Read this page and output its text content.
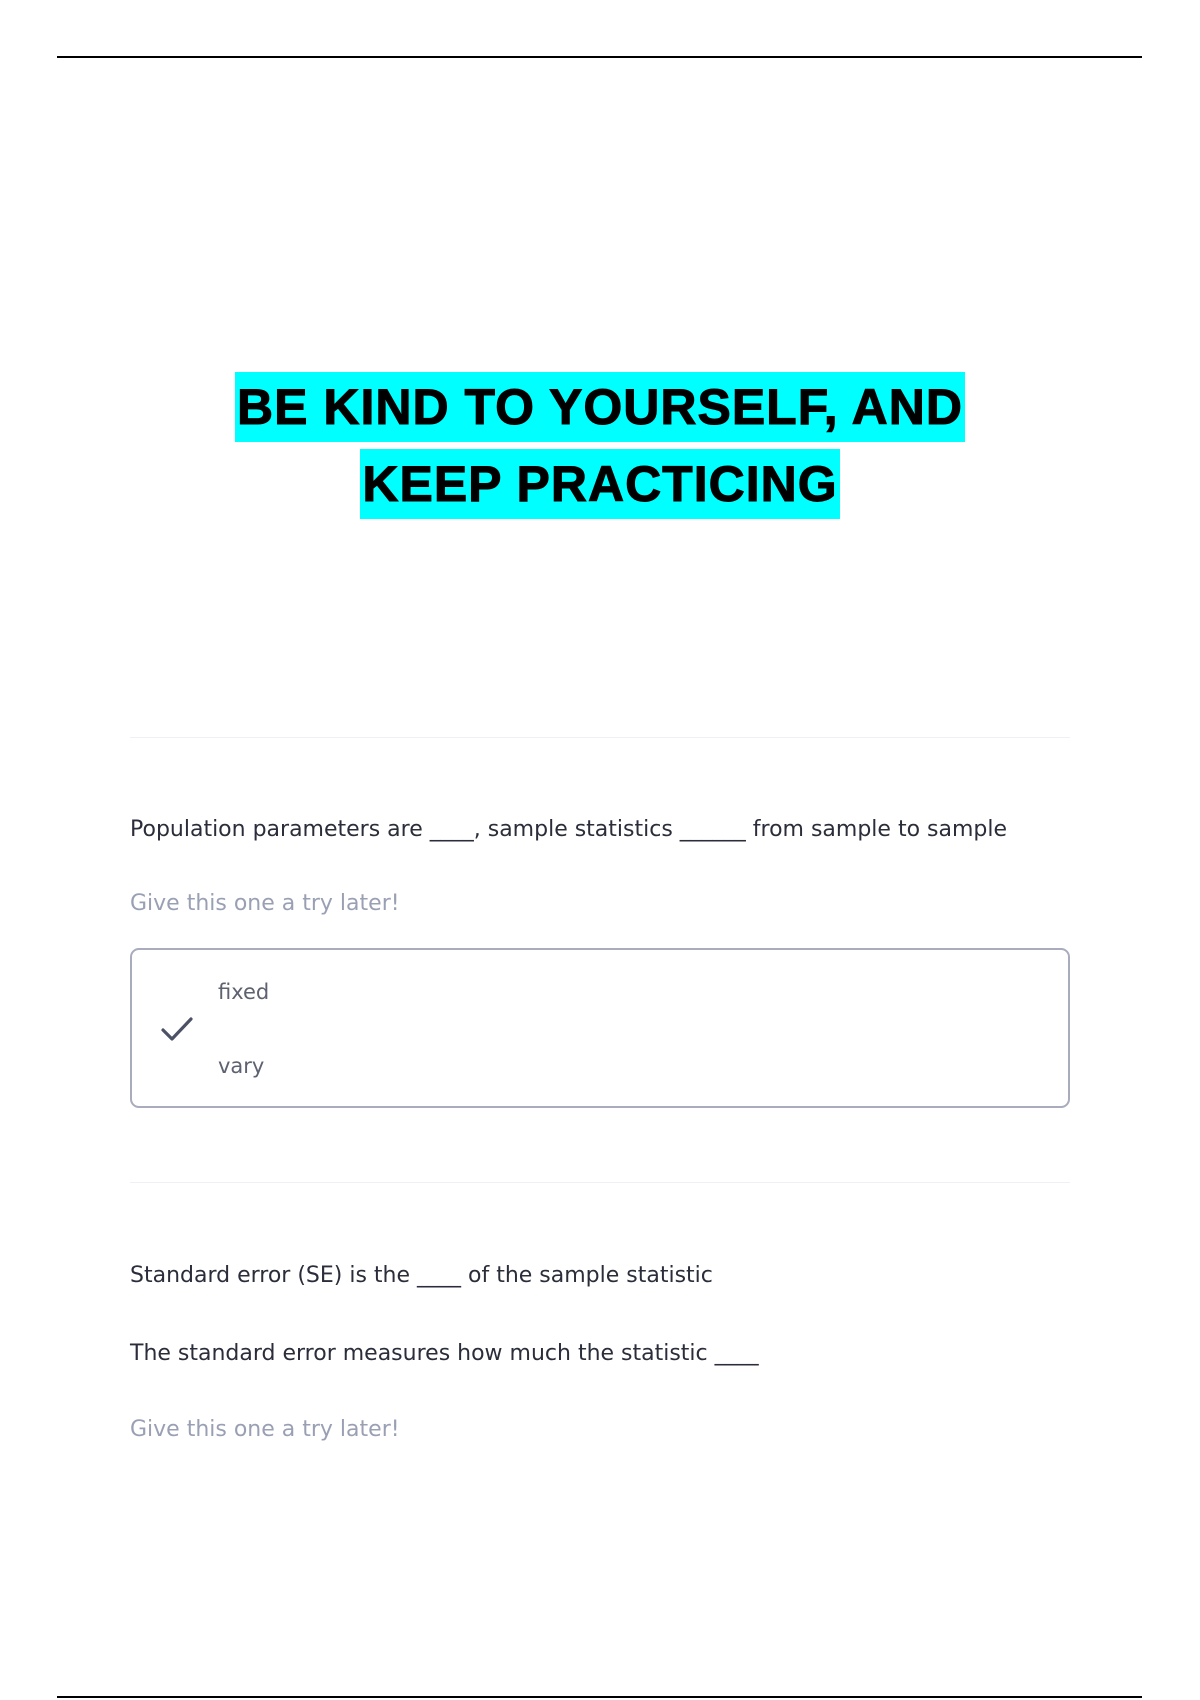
BE KIND TO YOURSELF, AND
KEEP PRACTICING
Population parameters are ____, sample statistics ______ from sample to sample
Give this one a try later!
fixed
vary
Standard error (SE) is the ____ of the sample statistic
The standard error measures how much the statistic ____
Give this one a try later!
